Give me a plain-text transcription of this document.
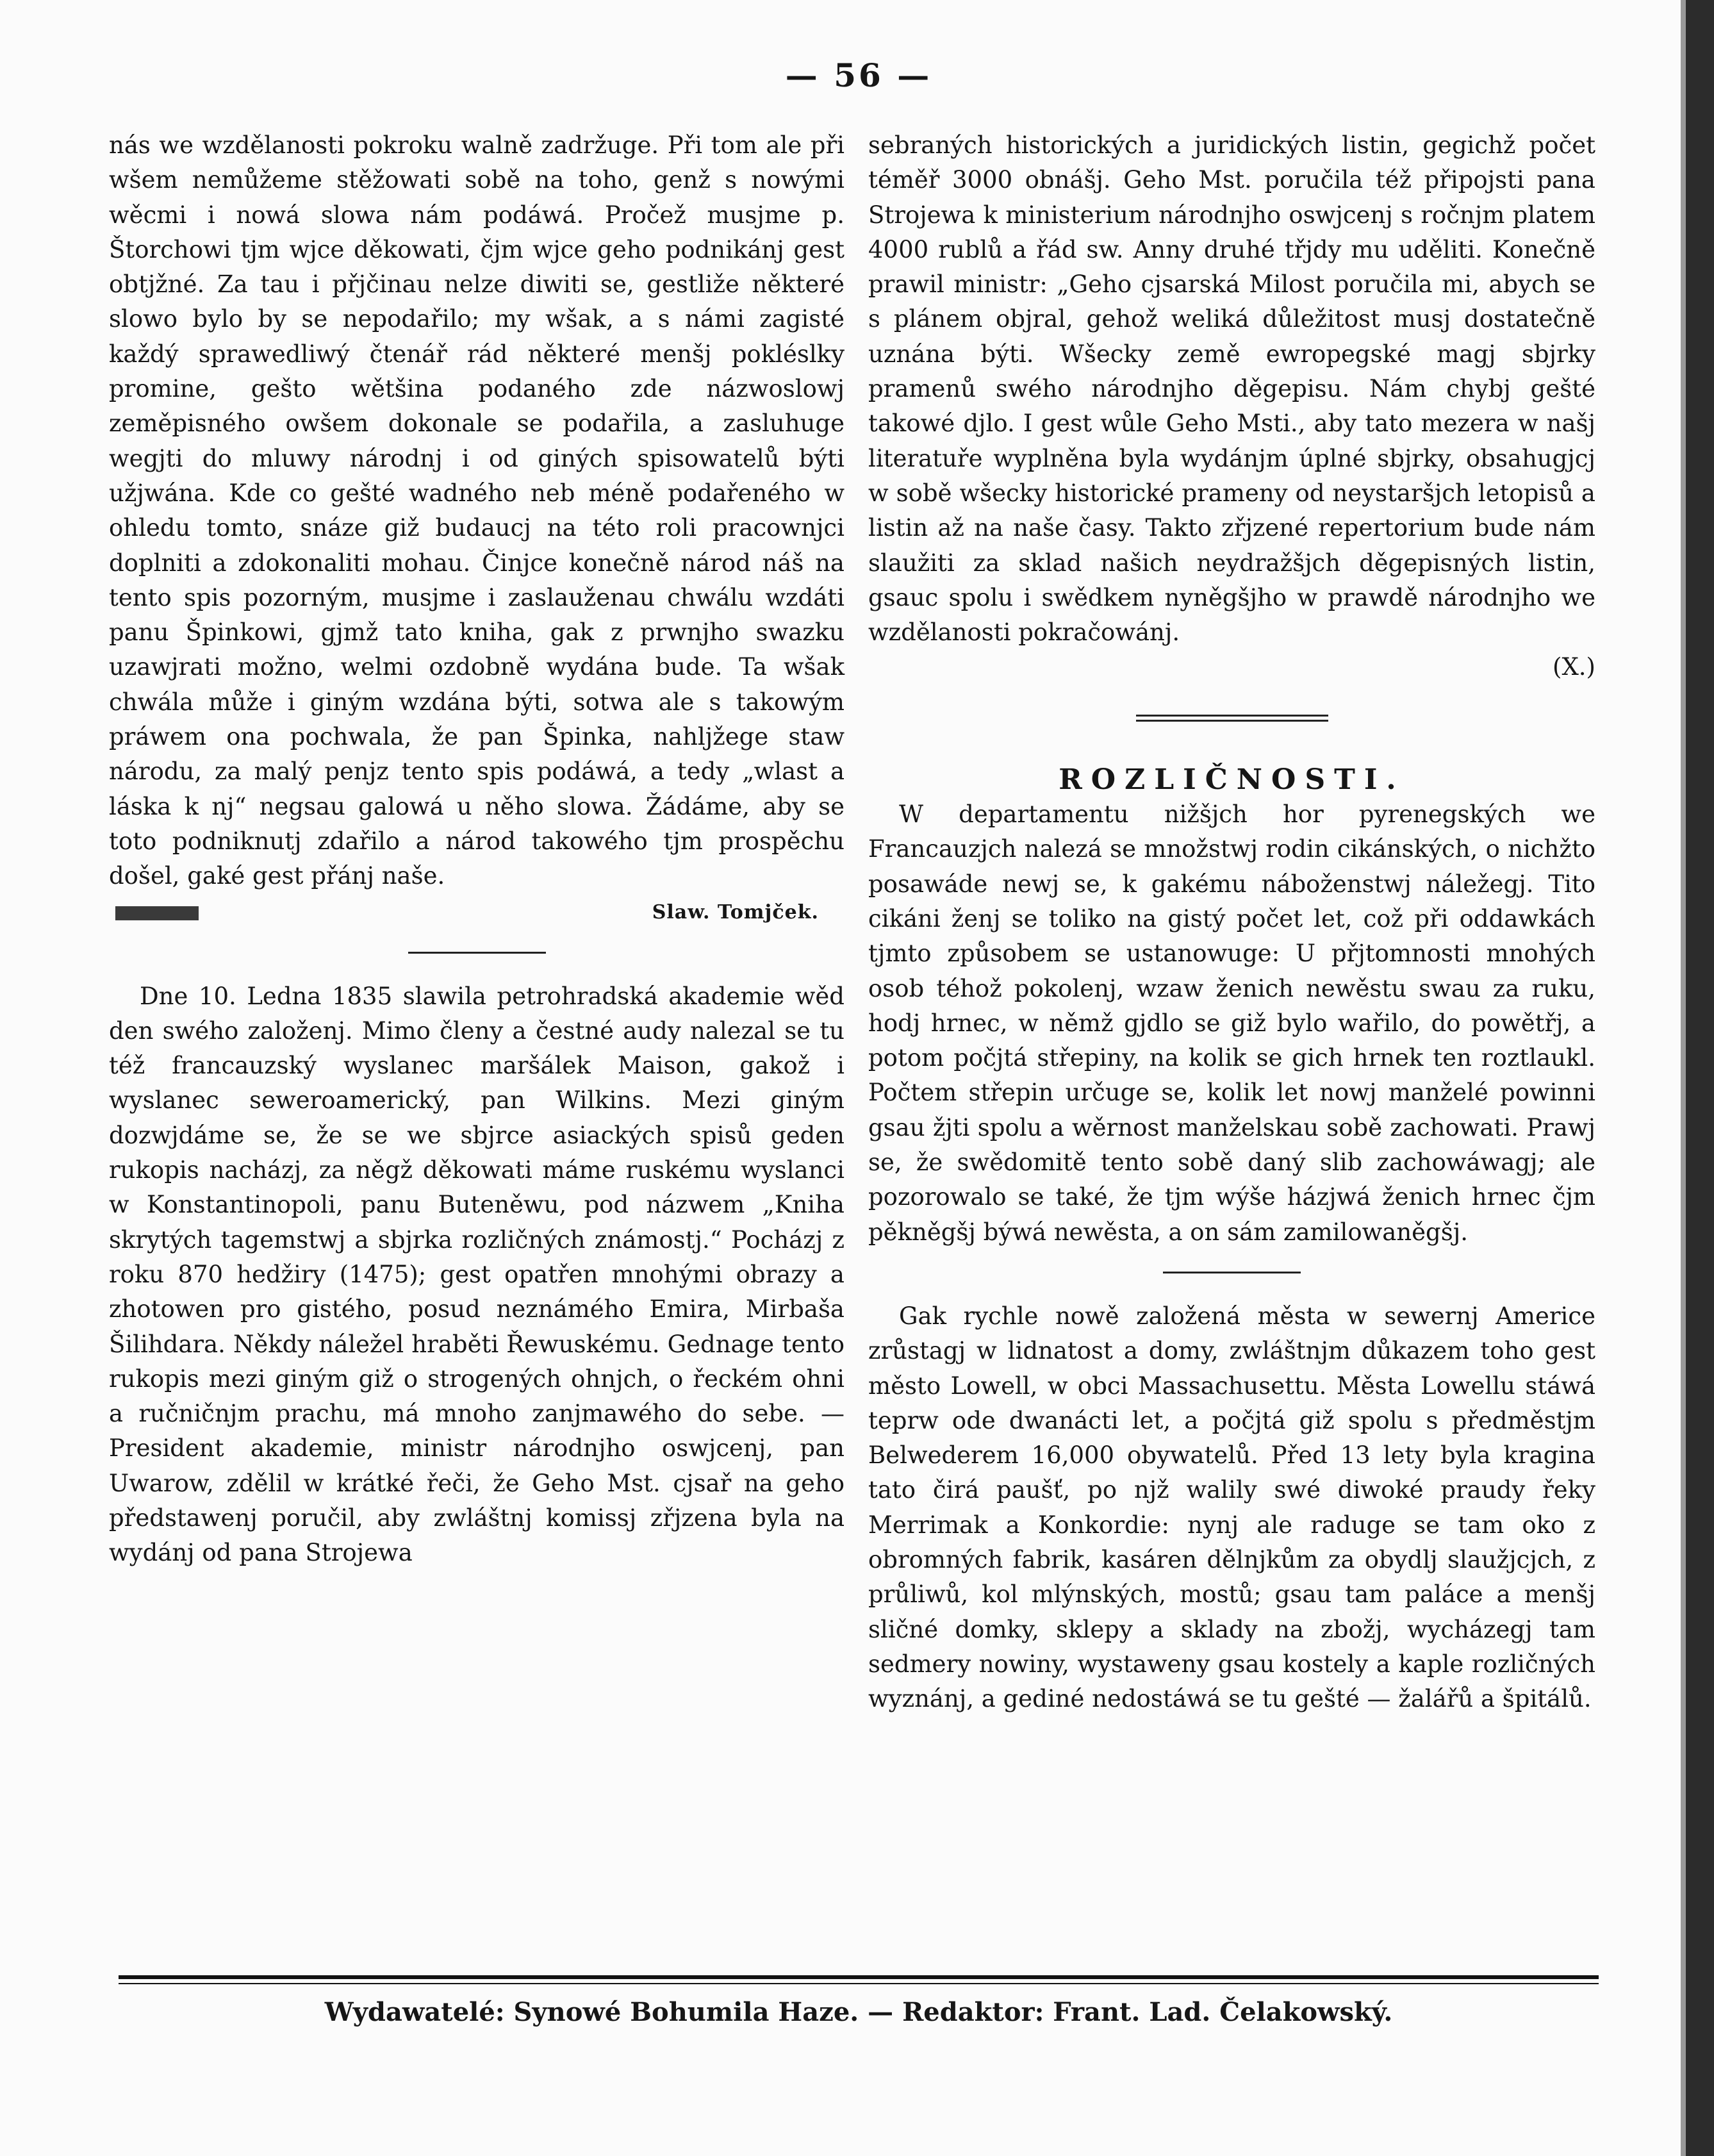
— 56 —

nás we wzdělanosti pokroku walně zadržuge. Při tom ale při wšem nemůžeme stěžowati sobě na toho, genž s nowými wěcmi i nowá slowa nám podáwá. Pročež musjme p. Štorchowi tjm wjce děkowati, čjm wjce geho podnikánj gest obtjžné. Za tau i přjčinau nelze diwiti se, gestliže některé slowo bylo by se nepodařilo; my wšak, a s námi zagisté každý sprawedliwý čtenář rád některé menšj pokléslky promine, gešto wětšina podaného zde názwoslowj zeměpisného owšem dokonale se podařila, a zasluhuge wegjti do mluwy národnj i od giných spisowatelů býti užjwána. Kde co gešté wadného neb méně podařeného w ohledu tomto, snáze giž budaucj na této roli pracownjci doplniti a zdokonaliti mohau. Činjce konečně národ náš na tento spis pozorným, musjme i zaslauženau chwálu wzdáti panu Špinkowi, gjmž tato kniha, gak z prwnjho swazku uzawjrati možno, welmi ozdobně wydána bude. Ta wšak chwála může i giným wzdána býti, sotwa ale s takowým práwem ona pochwala, že pan Špinka, nahljžege staw národu, za malý penjz tento spis podáwá, a tedy „wlast a láska k nj“ negsau galowá u něho slowa. Žádáme, aby se toto podniknutj zdařilo a národ takowého tjm prospěchu došel, gaké gest přánj naše.

Slaw. Tomjček.

Dne 10. Ledna 1835 slawila petrohradská akademie wěd den swého založenj. Mimo členy a čestné audy nalezal se tu též francauzský wyslanec maršálek Maison, gakož i wyslanec seweroamerický, pan Wilkins. Mezi giným dozwjdáme se, že se we sbjrce asiackých spisů geden rukopis nacházj, za něgž děkowati máme ruskému wyslanci w Konstantinopoli, panu Buteněwu, pod názwem „Kniha skrytých tagemstwj a sbjrka rozličných známostj.“ Pocházj z roku 870 hedžiry (1475); gest opatřen mnohými obrazy a zhotowen pro gistého, posud neznámého Emira, Mirbaša Šilihdara. Někdy náležel hraběti Řewuskému. Gednage tento rukopis mezi giným giž o strogených ohnjch, o řeckém ohni a ručničnjm prachu, má mnoho zanjmawého do sebe. — President akademie, ministr národnjho oswjcenj, pan Uwarow, zdělil w krátké řeči, že Geho Mst. cjsař na geho předstawenj poručil, aby zwláštnj komissj zřjzena byla na wydánj od pana Strojewa

sebraných historických a juridických listin, gegichž počet téměř 3000 obnášj. Geho Mst. poručila též připojsti pana Strojewa k ministerium národnjho oswjcenj s ročnjm platem 4000 rublů a řád sw. Anny druhé třjdy mu uděliti. Konečně prawil ministr: „Geho cjsarská Milost poručila mi, abych se s plánem objral, gehož weliká důležitost musj dostatečně uznána býti. Wšecky země ewropegské magj sbjrky pramenů swého národnjho děgepisu. Nám chybj gešté takowé djlo. I gest wůle Geho Msti., aby tato mezera w našj literatuře wyplněna byla wydánjm úplné sbjrky, obsahugjcj w sobě wšecky historické prameny od neystaršjch letopisů a listin až na naše časy. Takto zřjzené repertorium bude nám slaužiti za sklad našich neydražšjch děgepisných listin, gsauc spolu i swědkem nyněgšjho w prawdě národnjho we wzdělanosti pokračowánj.

(X.)

ROZLIČNOSTI.

W departamentu nižšjch hor pyrenegských we Francauzjch nalezá se množstwj rodin cikánských, o nichžto posawáde newj se, k gakému náboženstwj náležegj. Tito cikáni ženj se toliko na gistý počet let, což při oddawkách tjmto způsobem se ustanowuge: U přjtomnosti mnohých osob téhož pokolenj, wzaw ženich newěstu swau za ruku, hodj hrnec, w němž gjdlo se giž bylo wařilo, do powětřj, a potom počjtá střepiny, na kolik se gich hrnek ten roztlaukl. Počtem střepin určuge se, kolik let nowj manželé powinni gsau žjti spolu a wěrnost manželskau sobě zachowati. Prawj se, že swědomitě tento sobě daný slib zachowáwagj; ale pozorowalo se také, že tjm wýše házjwá ženich hrnec čjm pěkněgšj býwá newěsta, a on sám zamilowaněgšj.

Gak rychle nowě založená města w sewernj Americe zrůstagj w lidnatost a domy, zwláštnjm důkazem toho gest město Lowell, w obci Massachusettu. Města Lowellu stáwá teprw ode dwanácti let, a počjtá giž spolu s předměstjm Belwederem 16,000 obywatelů. Před 13 lety byla kragina tato čirá paušť, po njž walily swé diwoké praudy řeky Merrimak a Konkordie: nynj ale raduge se tam oko z obromných fabrik, kasáren dělnjkům za obydlj slaužjcjch, z průliwů, kol mlýnských, mostů; gsau tam paláce a menšj sličné domky, sklepy a sklady na zbožj, wycházegj tam sedmery nowiny, wystaweny gsau kostely a kaple rozličných wyznánj, a gediné nedostáwá se tu gešté — žalářů a špitálů.

Wydawatelé: Synowé Bohumila Haze. — Redaktor: Frant. Lad. Čelakowský.
